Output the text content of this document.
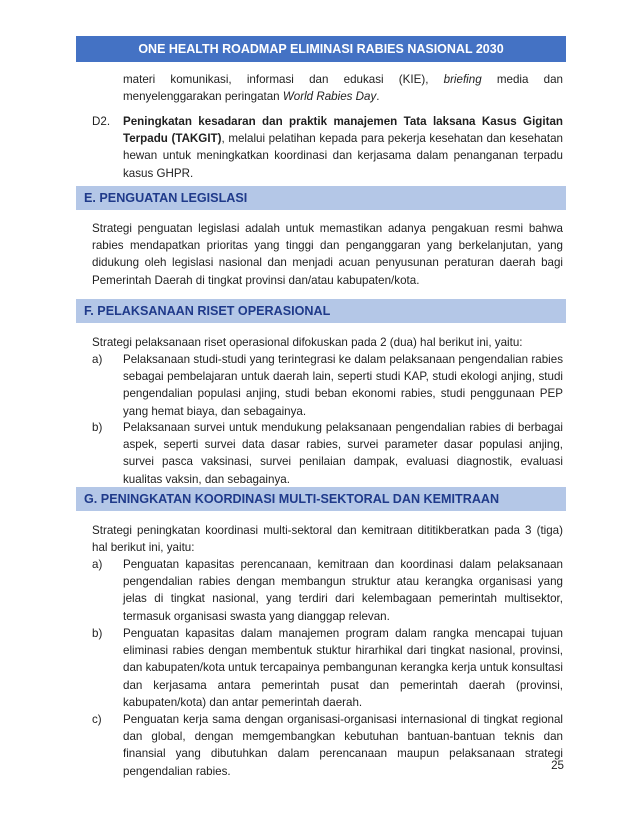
ONE HEALTH ROADMAP ELIMINASI RABIES NASIONAL 2030
materi komunikasi, informasi dan edukasi (KIE), briefing media dan
menyelenggarakan peringatan World Rabies Day.
D2. Peningkatan kesadaran dan praktik manajemen Tata laksana Kasus Gigitan Terpadu (TAKGIT), melalui pelatihan kepada para pekerja kesehatan dan kesehatan hewan untuk meningkatkan koordinasi dan kerjasama dalam penanganan terpadu kasus GHPR.
E. PENGUATAN LEGISLASI
Strategi penguatan legislasi adalah untuk memastikan adanya pengakuan resmi bahwa rabies mendapatkan prioritas yang tinggi dan penganggaran yang berkelanjutan, yang didukung oleh legislasi nasional dan menjadi acuan penyusunan peraturan daerah bagi Pemerintah Daerah di tingkat provinsi dan/atau kabupaten/kota.
F. PELAKSANAAN RISET OPERASIONAL
Strategi pelaksanaan riset operasional difokuskan pada 2 (dua) hal berikut ini, yaitu:
a) Pelaksanaan studi-studi yang terintegrasi ke dalam pelaksanaan pengendalian rabies sebagai pembelajaran untuk daerah lain, seperti studi KAP, studi ekologi anjing, studi pengendalian populasi anjing, studi beban ekonomi rabies, studi penggunaan PEP yang hemat biaya, dan sebagainya.
b) Pelaksanaan survei untuk mendukung pelaksanaan pengendalian rabies di berbagai aspek, seperti survei data dasar rabies, survei parameter dasar populasi anjing, survei pasca vaksinasi, survei penilaian dampak, evaluasi diagnostik, evaluasi kualitas vaksin, dan sebagainya.
G. PENINGKATAN KOORDINASI MULTI-SEKTORAL DAN KEMITRAAN
Strategi peningkatan koordinasi multi-sektoral dan kemitraan dititikberatkan pada 3 (tiga) hal berikut ini, yaitu:
a) Penguatan kapasitas perencanaan, kemitraan dan koordinasi dalam pelaksanaan pengendalian rabies dengan membangun struktur atau kerangka organisasi yang jelas di tingkat nasional, yang terdiri dari kelembagaan pemerintah multisektor, termasuk organisasi swasta yang dianggap relevan.
b) Penguatan kapasitas dalam manajemen program dalam rangka mencapai tujuan eliminasi rabies dengan membentuk stuktur hirarhikal dari tingkat nasional, provinsi, dan kabupaten/kota untuk tercapainya pembangunan kerangka kerja untuk konsultasi dan kerjasama antara pemerintah pusat dan pemerintah daerah (provinsi, kabupaten/kota) dan antar pemerintah daerah.
c) Penguatan kerja sama dengan organisasi-organisasi internasional di tingkat regional dan global, dengan memgembangkan kebutuhan bantuan-bantuan teknis dan finansial yang dibutuhkan dalam perencanaan maupun pelaksanaan strategi pengendalian rabies.	25
